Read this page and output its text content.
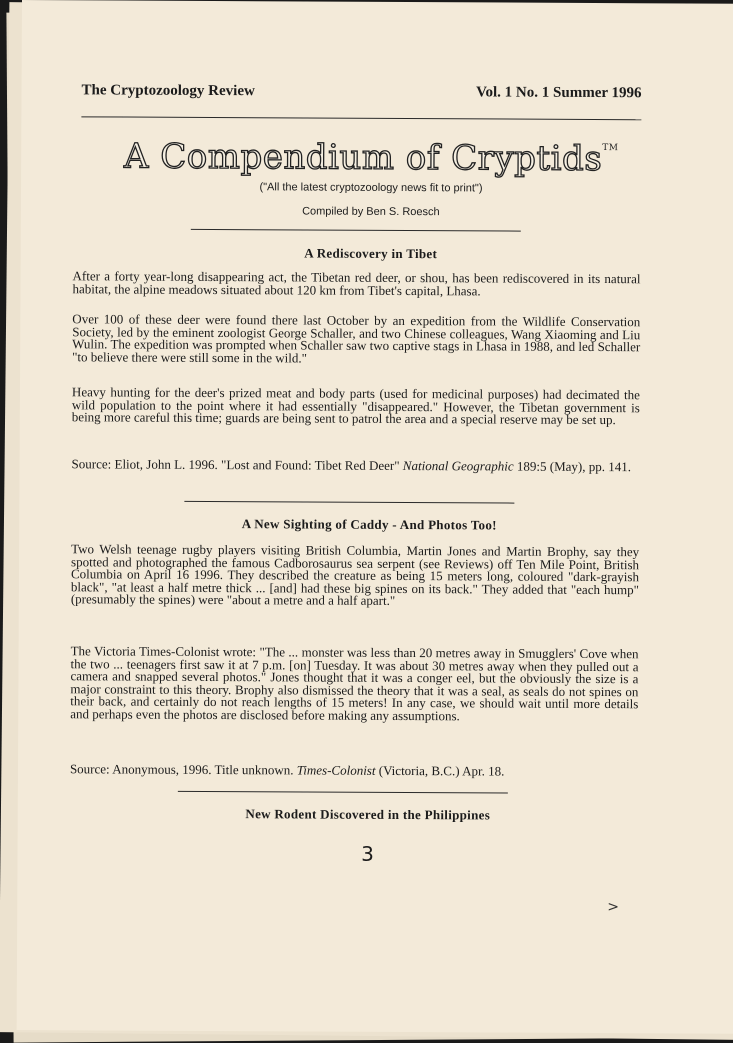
The Cryptozoology Review	Vol. 1 No. 1 Summer 1996
A Compendium of Cryptids™
("All the latest cryptozoology news fit to print")
Compiled by Ben S. Roesch
A Rediscovery in Tibet
After a forty year-long disappearing act, the Tibetan red deer, or shou, has been rediscovered in its natural habitat, the alpine meadows situated about 120 km from Tibet's capital, Lhasa.
Over 100 of these deer were found there last October by an expedition from the Wildlife Conservation Society, led by the eminent zoologist George Schaller, and two Chinese colleagues, Wang Xiaoming and Liu Wulin. The expedition was prompted when Schaller saw two captive stags in Lhasa in 1988, and led Schaller "to believe there were still some in the wild."
Heavy hunting for the deer's prized meat and body parts (used for medicinal purposes) had decimated the wild population to the point where it had essentially "disappeared." However, the Tibetan government is being more careful this time; guards are being sent to patrol the area and a special reserve may be set up.
Source: Eliot, John L. 1996. "Lost and Found: Tibet Red Deer" National Geographic 189:5 (May), pp. 141.
A New Sighting of Caddy - And Photos Too!
Two Welsh teenage rugby players visiting British Columbia, Martin Jones and Martin Brophy, say they spotted and photographed the famous Cadborosaurus sea serpent (see Reviews) off Ten Mile Point, British Columbia on April 16 1996. They described the creature as being 15 meters long, coloured "dark-grayish black", "at least a half metre thick ... [and] had these big spines on its back." They added that "each hump" (presumably the spines) were "about a metre and a half apart."
The Victoria Times-Colonist wrote: "The ... monster was less than 20 metres away in Smugglers' Cove when the two ... teenagers first saw it at 7 p.m. [on] Tuesday. It was about 30 metres away when they pulled out a camera and snapped several photos." Jones thought that it was a conger eel, but the obviously the size is a major constraint to this theory. Brophy also dismissed the theory that it was a seal, as seals do not spines on their back, and certainly do not reach lengths of 15 meters! In any case, we should wait until more details and perhaps even the photos are disclosed before making any assumptions.
Source: Anonymous, 1996. Title unknown. Times-Colonist (Victoria, B.C.) Apr. 18.
New Rodent Discovered in the Philippines
3
>
